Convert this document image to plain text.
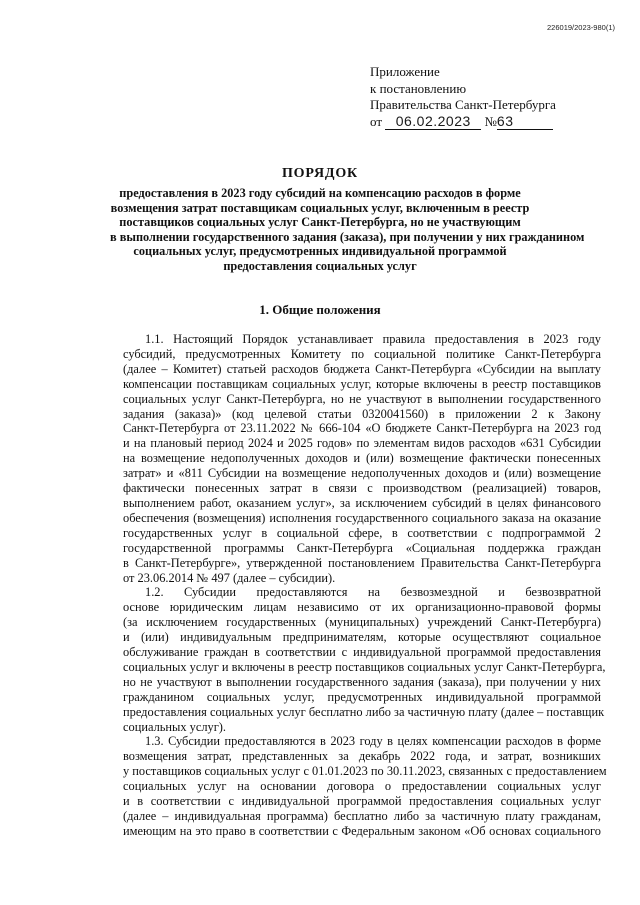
226019/2023-980(1)
Приложение
к постановлению
Правительства Санкт-Петербурга
от 06.02.2023 №63
ПОРЯДОК
предоставления в 2023 году субсидий на компенсацию расходов в форме
возмещения затрат поставщикам социальных услуг, включенным в реестр
поставщиков социальных услуг Санкт-Петербурга, но не участвующим
в выполнении государственного задания (заказа), при получении у них гражданином
социальных услуг, предусмотренных индивидуальной программой
предоставления социальных услуг
1. Общие положения

1.1. Настоящий Порядок устанавливает правила предоставления в 2023 году
субсидий, предусмотренных Комитету по социальной политике Санкт-Петербурга
(далее – Комитет) статьей расходов бюджета Санкт-Петербурга «Субсидии на выплату
компенсации поставщикам социальных услуг, которые включены в реестр поставщиков
социальных услуг Санкт-Петербурга, но не участвуют в выполнении государственного
задания (заказа)» (код целевой статьи 0320041560) в приложении 2 к Закону
Санкт-Петербурга от 23.11.2022 № 666-104 «О бюджете Санкт-Петербурга на 2023 год
и на плановый период 2024 и 2025 годов» по элементам видов расходов «631 Субсидии
на возмещение недополученных доходов и (или) возмещение фактически понесенных
затрат» и «811 Субсидии на возмещение недополученных доходов и (или) возмещение
фактически понесенных затрат в связи с производством (реализацией) товаров,
выполнением работ, оказанием услуг», за исключением субсидий в целях финансового
обеспечения (возмещения) исполнения государственного социального заказа на оказание
государственных услуг в социальной сфере, в соответствии с подпрограммой 2
государственной программы Санкт-Петербурга «Социальная поддержка граждан
в Санкт-Петербурге», утвержденной постановлением Правительства Санкт-Петербурга
от 23.06.2014 № 497 (далее – субсидии).

1.2. Субсидии предоставляются на безвозмездной и безвозвратной
основе юридическим лицам независимо от их организационно-правовой формы
(за исключением государственных (муниципальных) учреждений Санкт-Петербурга)
и (или) индивидуальным предпринимателям, которые осуществляют социальное
обслуживание граждан в соответствии с индивидуальной программой предоставления
социальных услуг и включены в реестр поставщиков социальных услуг Санкт-Петербурга,
но не участвуют в выполнении государственного задания (заказа), при получении у них
гражданином социальных услуг, предусмотренных индивидуальной программой
предоставления социальных услуг бесплатно либо за частичную плату (далее – поставщик
социальных услуг).

1.3. Субсидии предоставляются в 2023 году в целях компенсации расходов в форме
возмещения затрат, представленных за декабрь 2022 года, и затрат, возникших
у поставщиков социальных услуг с 01.01.2023 по 30.11.2023, связанных с предоставлением
социальных услуг на основании договора о предоставлении социальных услуг
и в соответствии с индивидуальной программой предоставления социальных услуг
(далее – индивидуальная программа) бесплатно либо за частичную плату гражданам,
имеющим на это право в соответствии с Федеральным законом «Об основах социального
